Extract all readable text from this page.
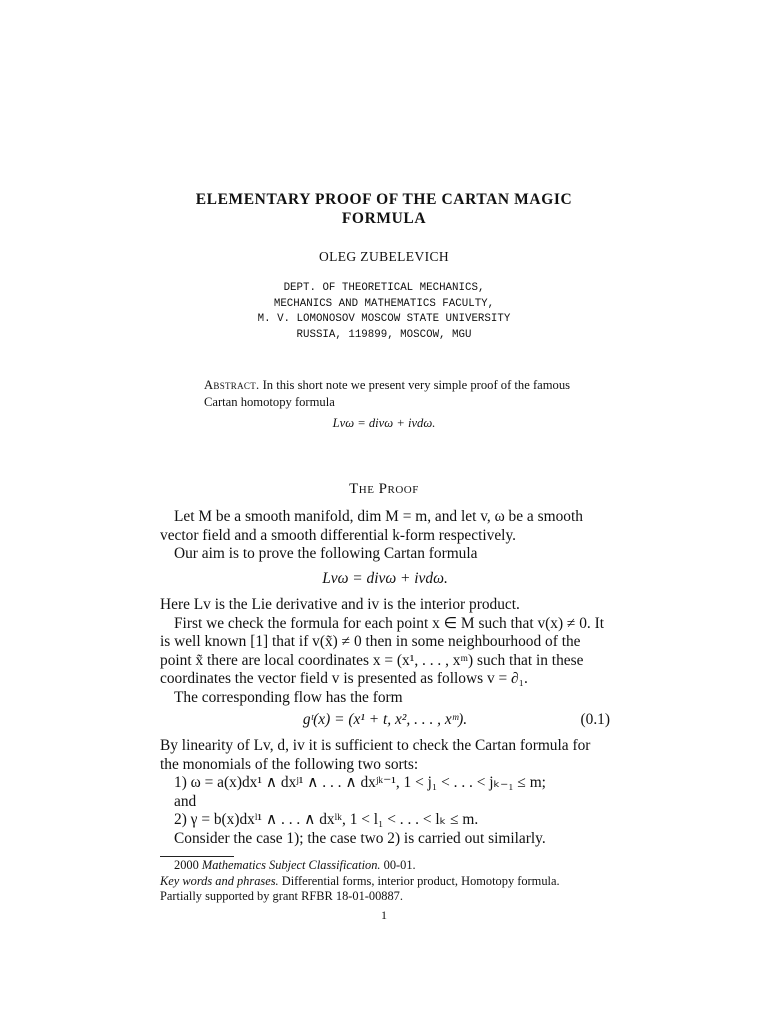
ELEMENTARY PROOF OF THE CARTAN MAGIC
FORMULA
OLEG ZUBELEVICH
DEPT. OF THEORETICAL MECHANICS,
MECHANICS AND MATHEMATICS FACULTY,
M. V. LOMONOSOV MOSCOW STATE UNIVERSITY
RUSSIA, 119899, MOSCOW, MGU
Abstract. In this short note we present very simple proof of the famous Cartan homotopy formula
Lvω = divω + ivdω.
The Proof

Let M be a smooth manifold, dim M = m, and let v, ω be a smooth vector field and a smooth differential k-form respectively.

Our aim is to prove the following Cartan formula

Lvω = divω + ivdω.

Here Lv is the Lie derivative and iv is the interior product.

First we check the formula for each point x ∈ M such that v(x) ≠ 0. It is well known [1] that if v(x̃) ≠ 0 then in some neighbourhood of the point x̃ there are local coordinates x = (x¹, . . . , xᵐ) such that in these coordinates the vector field v is presented as follows v = ∂₁.

The corresponding flow has the form

gᵗ(x) = (x¹ + t, x², . . . , xᵐ).	(0.1)

By linearity of Lv, d, iv it is sufficient to check the Cartan formula for the monomials of the following two sorts:

1) ω = a(x)dx¹ ∧ dxʲ¹ ∧ . . . ∧ dxʲᵏ⁻¹, 1 < j₁ < . . . < jₖ₋₁ ≤ m;

and

2) γ = b(x)dxˡ¹ ∧ . . . ∧ dxˡᵏ, 1 < l₁ < . . . < lₖ ≤ m.

Consider the case 1); the case two 2) is carried out similarly.

2000 Mathematics Subject Classification. 00-01.
Key words and phrases. Differential forms, interior product, Homotopy formula.
Partially supported by grant RFBR 18-01-00887.
1
